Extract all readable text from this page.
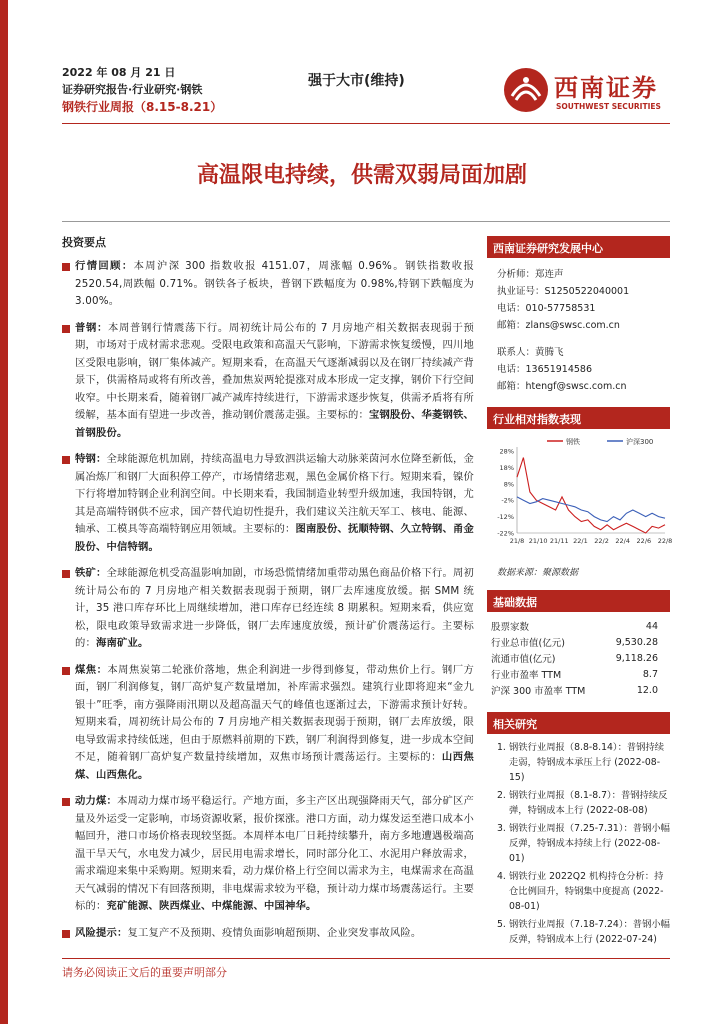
2022 年 08 月 21 日
证券研究报告·行业研究·钢铁
钢铁行业周报（8.15-8.21）
强于大市(维持)	西南证券
SOUTHWEST SECURITIES
高温限电持续，供需双弱局面加剧
投资要点
行情回顾：本周沪深 300 指数收报 4151.07，周涨幅 0.96%。钢铁指数收报 2520.54,周跌幅 0.71%。钢铁各子板块，普钢下跌幅度为 0.98%,特钢下跌幅度为 3.00%。
普钢：本周普钢行情震荡下行。周初统计局公布的 7 月房地产相关数据表现弱于预期，市场对于成材需求悲观。受限电政策和高温天气影响，下游需求恢复缓慢，四川地区受限电影响，钢厂集体减产。短期来看，在高温天气逐渐减弱以及在钢厂持续减产背景下，供需格局或将有所改善，叠加焦炭两轮提涨对成本形成一定支撑，钢价下行空间收窄。中长期来看，随着钢厂减产减库持续进行，下游需求逐步恢复，供需矛盾将有所缓解，基本面有望进一步改善，推动钢价震荡走强。主要标的：宝钢股份、华菱钢铁、首钢股份。
特钢：全球能源危机加剧，持续高温电力导致泗洪运输大动脉莱茵河水位降至新低，金属冶炼厂和钢厂大面积停工停产，市场情绪悲观，黑色金属价格下行。短期来看，镍价下行将增加特钢企业利润空间。中长期来看，我国制造业转型升级加速，我国特钢，尤其是高端特钢供不应求，国产替代迫切性提升，我们建议关注航天军工、核电、能源、轴承、工模具等高端特钢应用领域。主要标的：图南股份、抚顺特钢、久立特钢、甬金股份、中信特钢。
铁矿：全球能源危机受高温影响加剧，市场恐慌情绪加重带动黑色商品价格下行。周初统计局公布的 7 月房地产相关数据表现弱于预期，钢厂去库速度放缓。据 SMM 统计，35 港口库存环比上周继续增加，港口库存已经连续 8 期累积。短期来看，供应宽松，限电政策导致需求进一步降低，钢厂去库速度放缓，预计矿价震荡运行。主要标的：海南矿业。
煤焦：本周焦炭第二轮涨价落地，焦企利润进一步得到修复，带动焦价上行。钢厂方面，钢厂利润修复，钢厂高炉复产数量增加，补库需求强烈。建筑行业即将迎来“金九银十”旺季，南方强降雨汛期以及超高温天气的峰值也逐渐过去，下游需求预计好转。短期来看，周初统计局公布的 7 月房地产相关数据表现弱于预期，钢厂去库放缓，限电导致需求持续低迷，但由于原燃料前期的下跌，钢厂利润得到修复，进一步成本空间不足，随着钢厂高炉复产数量持续增加，双焦市场预计震荡运行。主要标的：山西焦煤、山西焦化。
动力煤：本周动力煤市场平稳运行。产地方面，多主产区出现强降雨天气，部分矿区产量及外运受一定影响，市场资源收紧，报价探涨。港口方面，动力煤发运至港口成本小幅回升，港口市场价格表现较坚挺。本周样本电厂日耗持续攀升，南方多地遭遇极端高温干旱天气，水电发力减少，居民用电需求增长，同时部分化工、水泥用户释放需求，需求端迎来集中采购期。短期来看，动力煤价格上行空间以需求为主，电煤需求在高温天气减弱的情况下有回落预期，非电煤需求较为平稳，预计动力煤市场震荡运行。主要标的：兖矿能源、陕西煤业、中煤能源、中国神华。
风险提示：复工复产不及预期、疫情负面影响超预期、企业突发事故风险。
西南证券研究发展中心
分析师：郑连声
执业证号：S1250522040001
电话：010-57758531
邮箱：zlans@swsc.com.cn
联系人：黄腾飞
电话：13651914586
邮箱：htengf@swsc.com.cn
行业相对指数表现
钢铁	沪深300
28%
18%
8%
-2%
-12%
-22%
21/8 21/10 21/11 22/1 22/2 22/4 22/6 22/8
数据来源：聚源数据
基础数据
股票家数	44
行业总市值(亿元)	9,530.28
流通市值(亿元)	9,118.26
行业市盈率 TTM	8.7
沪深 300 市盈率 TTM	12.0
相关研究
1. 钢铁行业周报（8.8-8.14）：普钢持续走弱，特钢成本承压上行 (2022-08-15)
2. 钢铁行业周报（8.1-8.7）：普钢持续反弹，特钢成本上行 (2022-08-08)
3. 钢铁行业周报（7.25-7.31）：普钢小幅反弹，特钢成本持续上行 (2022-08-01)
4. 钢铁行业 2022Q2 机构持仓分析：持仓比例回升，特钢集中度提高 (2022-08-01)
5. 钢铁行业周报（7.18-7.24）：普钢小幅反弹，特钢成本上行 (2022-07-24)
请务必阅读正文后的重要声明部分
